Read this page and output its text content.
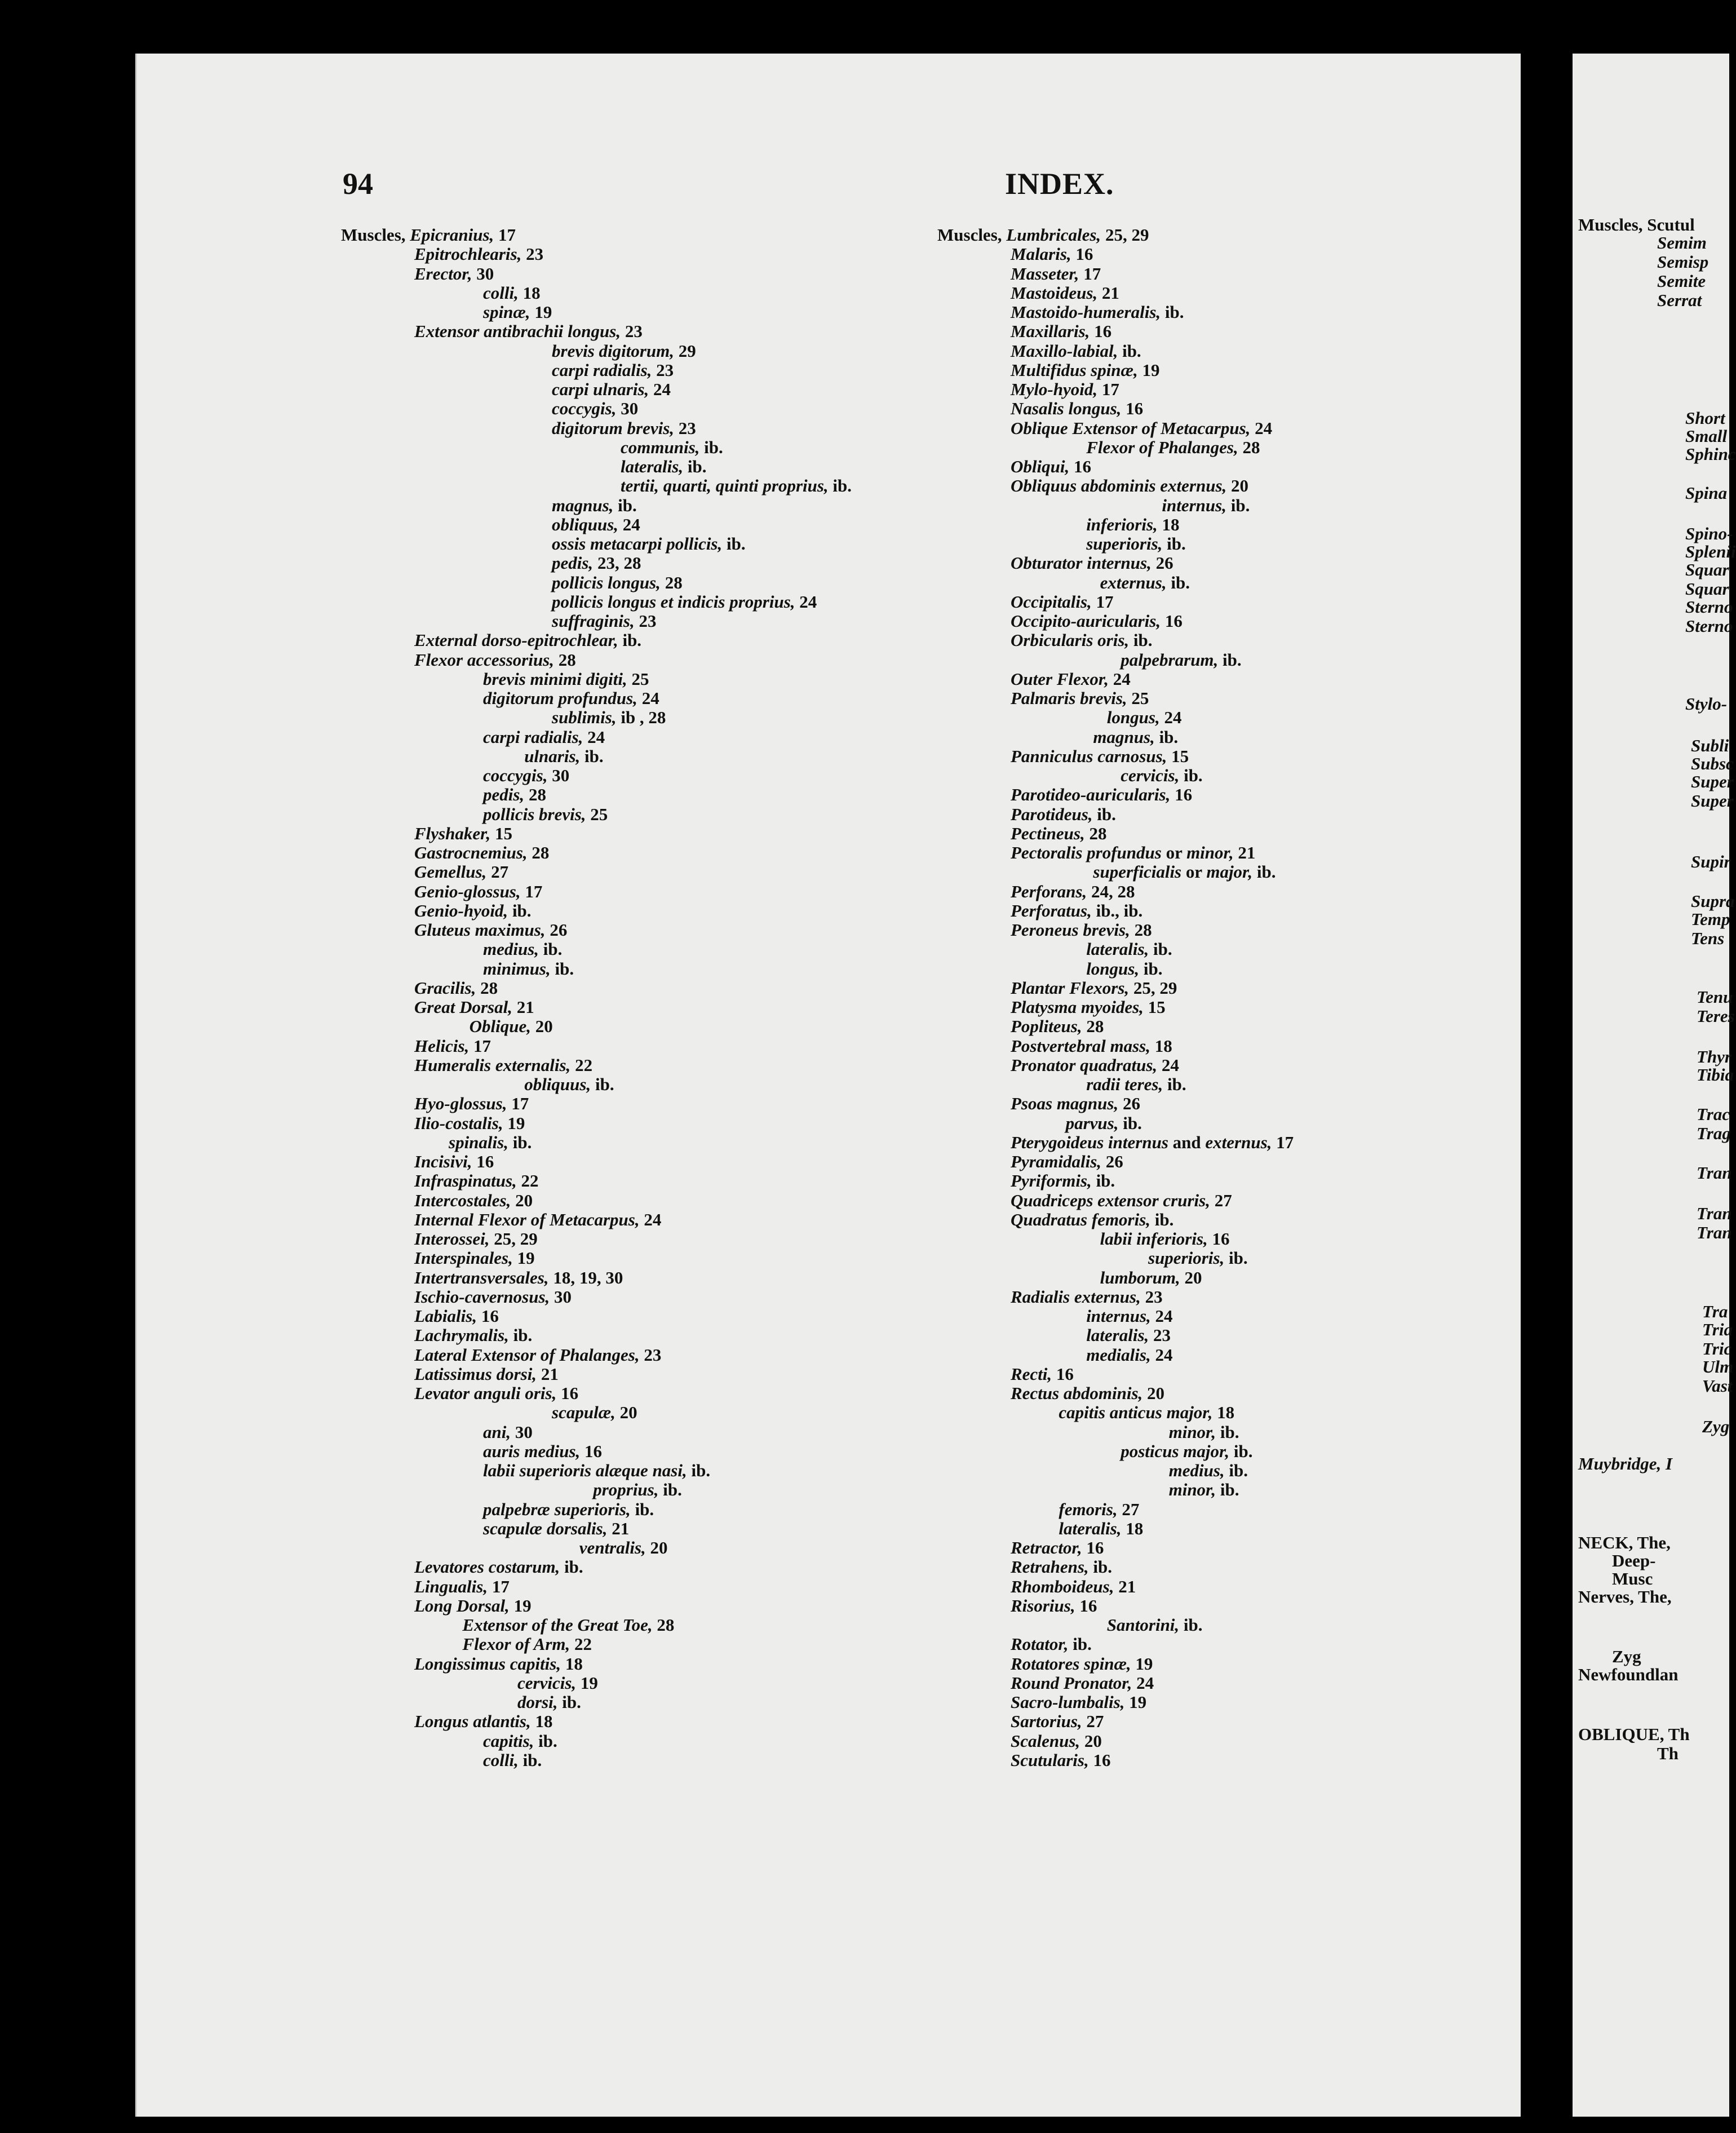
94	INDEX.
Muscles, Epicranius, 17
Epitrochlearis, 23
Erector, 30
colli, 18
spinæ, 19
Extensor antibrachii longus, 23
brevis digitorum, 29
carpi radialis, 23
carpi ulnaris, 24
coccygis, 30
digitorum brevis, 23
communis, ib.
lateralis, ib.
tertii, quarti, quinti proprius, ib.
magnus, ib.
obliquus, 24
ossis metacarpi pollicis, ib.
pedis, 23, 28
pollicis longus, 28
pollicis longus et indicis proprius, 24
suffraginis, 23
External dorso-epitrochlear, ib.
Flexor accessorius, 28
brevis minimi digiti, 25
digitorum profundus, 24
sublimis, ib , 28
carpi radialis, 24
ulnaris, ib.
coccygis, 30
pedis, 28
pollicis brevis, 25
Flyshaker, 15
Gastrocnemius, 28
Gemellus, 27
Genio-glossus, 17
Genio-hyoid, ib.
Gluteus maximus, 26
medius, ib.
minimus, ib.
Gracilis, 28
Great Dorsal, 21
Oblique, 20
Helicis, 17
Humeralis externalis, 22
obliquus, ib.
Hyo-glossus, 17
Ilio-costalis, 19
spinalis, ib.
Incisivi, 16
Infraspinatus, 22
Intercostales, 20
Internal Flexor of Metacarpus, 24
Interossei, 25, 29
Interspinales, 19
Intertransversales, 18, 19, 30
Ischio-cavernosus, 30
Labialis, 16
Lachrymalis, ib.
Lateral Extensor of Phalanges, 23
Latissimus dorsi, 21
Levator anguli oris, 16
scapulæ, 20
ani, 30
auris medius, 16
labii superioris alæque nasi, ib.
proprius, ib.
palpebræ superioris, ib.
scapulæ dorsalis, 21
ventralis, 20
Levatores costarum, ib.
Lingualis, 17
Long Dorsal, 19
Extensor of the Great Toe, 28
Flexor of Arm, 22
Longissimus capitis, 18
cervicis, 19
dorsi, ib.
Longus atlantis, 18
capitis, ib.
colli, ib.
Muscles, Lumbricales, 25, 29
Malaris, 16
Masseter, 17
Mastoideus, 21
Mastoido-humeralis, ib.
Maxillaris, 16
Maxillo-labial, ib.
Multifidus spinæ, 19
Mylo-hyoid, 17
Nasalis longus, 16
Oblique Extensor of Metacarpus, 24
Flexor of Phalanges, 28
Obliqui, 16
Obliquus abdominis externus, 20
internus, ib.
inferioris, 18
superioris, ib.
Obturator internus, 26
externus, ib.
Occipitalis, 17
Occipito-auricularis, 16
Orbicularis oris, ib.
palpebrarum, ib.
Outer Flexor, 24
Palmaris brevis, 25
longus, 24
magnus, ib.
Panniculus carnosus, 15
cervicis, ib.
Parotideo-auricularis, 16
Parotideus, ib.
Pectineus, 28
Pectoralis profundus or minor, 21
superficialis or major, ib.
Perforans, 24, 28
Perforatus, ib., ib.
Peroneus brevis, 28
lateralis, ib.
longus, ib.
Plantar Flexors, 25, 29
Platysma myoides, 15
Popliteus, 28
Postvertebral mass, 18
Pronator quadratus, 24
radii teres, ib.
Psoas magnus, 26
parvus, ib.
Pterygoideus internus and externus, 17
Pyramidalis, 26
Pyriformis, ib.
Quadriceps extensor cruris, 27
Quadratus femoris, ib.
labii inferioris, 16
superioris, ib.
lumborum, 20
Radialis externus, 23
internus, 24
lateralis, 23
medialis, 24
Recti, 16
Rectus abdominis, 20
capitis anticus major, 18
minor, ib.
posticus major, ib.
medius, ib.
minor, ib.
femoris, 27
lateralis, 18
Retractor, 16
Retrahens, ib.
Rhomboideus, 21
Risorius, 16
Santorini, ib.
Rotator, ib.
Rotatores spinæ, 19
Round Pronator, 24
Sacro-lumbalis, 19
Sartorius, 27
Scalenus, 20
Scutularis, 16
Muscles, Scutul
Semim
Semisp
Semite
Serrat
Short
Small
Sphinc
Spina
Spino-
Splenii
Squar
Squar
Sterno
Sterno
Stylo-
Subli
Subsc
Super
Super
Supir
Supra
Temp
Tens
Tenu
Teres
Thyr
Tibia
Trac
Trag
Tran
Tran
Tran
Tra
Tria
Tric
Ulm
Vast
Zyg
Muybridge, I
NECK, The,
Deep-
Musc
Nerves, The,
Zyg
Newfoundlan
OBLIQUE, Th
Th
